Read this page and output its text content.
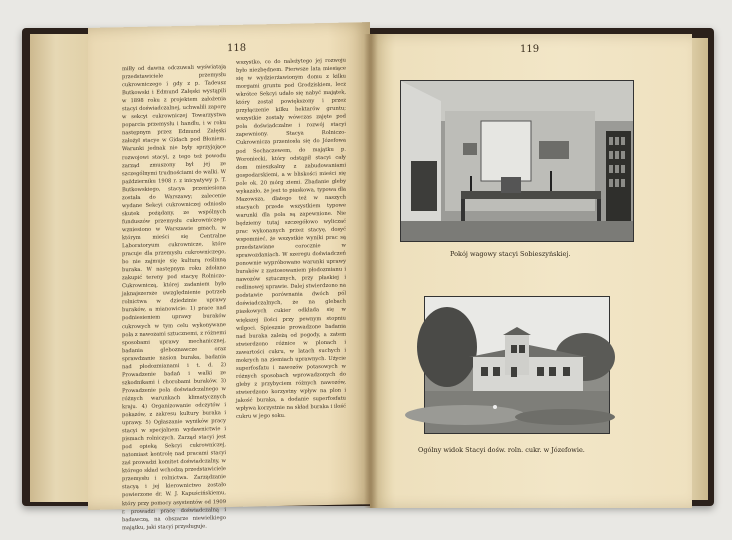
118

miłły od dawna odczuwali wyświatają przedstawiciele przemysłu cukrowniczego i gdy z p. Tadeusz Butkowski i Edmund Załęski wystąpili w 1898 roku z projektem założenia stacyi doświadczalnej, uchwalili zaporę w sekcyi cukrowniczej Towarzystwa poparcia przemysłu i handlu, i w roku następnym przez Edmund Załęski założył stacye w Gidach pod Błoniem. Warunki jednak nie były sprzyjające rozwojowi stacyi, z tego też powodu zarząd zmuszony był jej ze szczególnymi trudnościami do walki. W październiku 1908 r. z inicyatywy p. T. Butkowskiego, stacya przeniesiona została do Warszawy; zalecenie wydane Sekcyi cukrowniczej odniosło skutek pożądany, ze wspólnych funduszów przemysłu cukrowniczego wzniesiono w Warszawie gmach, w którym mieści się Centralne Laboratoryum cukrownicze, które pracuje dla przemysłu cukrowniczego, bo nie zajmuje się kulturą roślinną buraka. W następnym roku zdołano zakupić tereny pod stacyę Rolniczo-Cukrowniczą, której zadaniem było jaknajszersze uwzględnienie potrzeb rolnictwa w dziedzinie uprawy buraków, a mianowicie: 1) prace nad podniesieniem uprawy buraków cukrowych w tym celu wykonywane pola z nawozami sztucznemi, z różnemi sposobami uprawy mechanicznej, badania gleboznawcze oraz sprawdzanie nasion buraka, badania nad płodozmianami i t. d. 2) Prowadzenie badań i walki ze szkodnikami i chorobami buraków. 3) Prowadzenie pola doświadczalnego w różnych warunkach klimatycznych kraju. 4) Organizowanie odczytów i pokazów, z zakresu kultury buraka i uprawy. 5) Ogłaszanie wyników pracy stacyi w specjalnem wydawnictwie i pismach rolniczych. Zarząd stacyi jest pod opieką Sekcyi cukrowniczej, natomiast kontrolę nad pracami stacyi zaś prowadzi komitet doświadczalny, w którego skład wchodzą przedstawiciele przemysłu i rolnictwa. Zarządzanie stacyą i jej kierownictwo zostało powierzone dr. W. J. Kapuścińskiemu, który przy pomocy asystentów od 1909 r. prowadzi pracę doświadczalną i badawczą, na obszarze niewielkiego majątku, jaki stacyi przysługuje.

wszystko, co do należytego jej rozwoju było niezbędnem. Pierwsze lata miesiące się w wydzierżawionym domu z kilku morgami gruntu pod Grodziskiem, lecz wkrótce Sekcyi udało się nabyć majątek, który został powiększony i przez przyłączenie kilku hektarów gruntu; wszystkie zostały wówczas zajęte pod pola doświadczalne i rozwój stacyi zapewniony. Stacya Rolniczo-Cukrownicza przeniosła się do Józefowa pod Sochaczewem, do majątku p. Woroniecki, który odstąpił stacyi cały dom mieszkalny z zabudowaniami gospodarskiemi, a w bliskości mieści się pole ok. 20 mórg ziemi. Zbadanie gleby wykazało, że jest to piaskowa, typowa dla Mazowsza, dlatego też w naszych stacyach przede wszystkiem typowe warunki dla pola są zapewnione. Nie będziemy tutaj szczegółowo wyliczać prac wykonanych przez stacyę, dosyć wspomnieć, że wszystkie wyniki prac są przedstawiane corocznie w sprawozdaniach. W szeregu doświadczeń ponownie wypróbowano warunki uprawy buraków z zastosowaniem płodozmianu i nawozów sztucznych, przy płaskiej i redlinowej uprawie. Dalej stwierdzono na podstawie porównania dwóch pól doświadczalnych, że na glebach piaskowych cukier odkłada się w większej ilości przy pewnym stopniu wilgoci. Spiesznie prowadzone badania nad buraka zależą od pogody, a zatem stwierdzono różnice w plonach i zawartości cukru, w latach suchych i mokrych na ziemiach uprawnych. Użycie superfosfatu i nawozów potasowych w różnych sposobach wprowadzonych do gleby z przybyciem różnych nawozów, stwierdzono korzystny wpływ na plon i jakość buraka, a dodanie superfosfatu wpływa korzystnie na skład buraka i ilość cukru w jego soku.

119
Pokój wagowy stacyi Sobieszyńskiej.
Ogólny widok Stacyi dośw. roln. cukr. w Józefowie.
